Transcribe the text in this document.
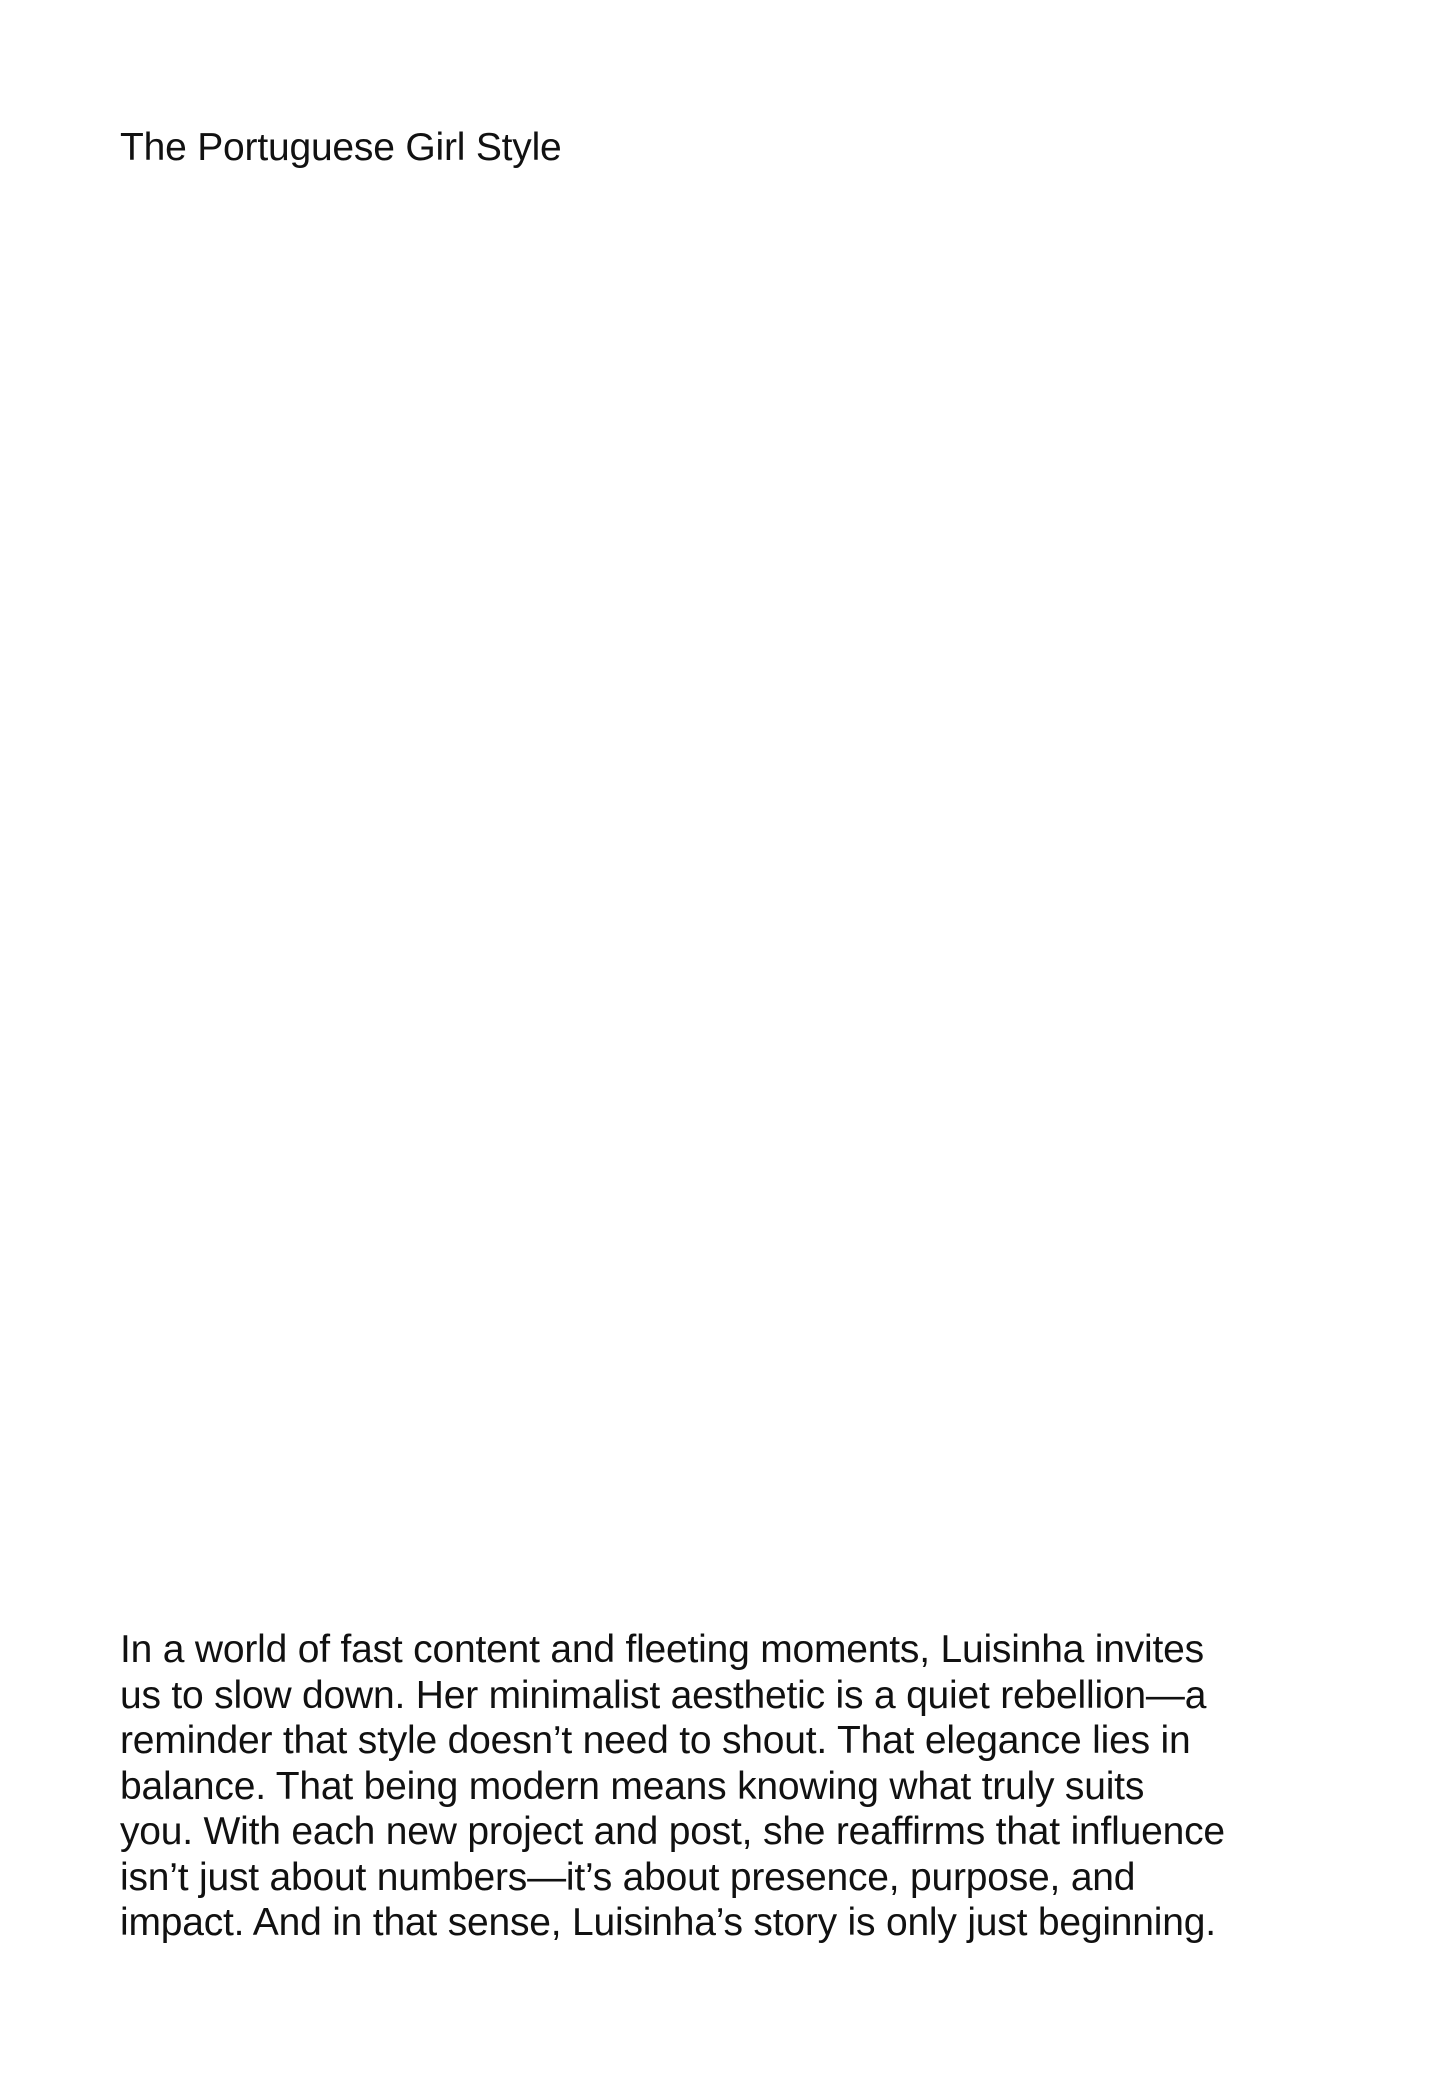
The Portuguese Girl Style

In a world of fast content and fleeting moments, Luisinha invites
us to slow down. Her minimalist aesthetic is a quiet rebellion—a
reminder that style doesn’t need to shout. That elegance lies in
balance. That being modern means knowing what truly suits
you. With each new project and post, she reaffirms that influence
isn’t just about numbers—it’s about presence, purpose, and
impact. And in that sense, Luisinha’s story is only just beginning.
